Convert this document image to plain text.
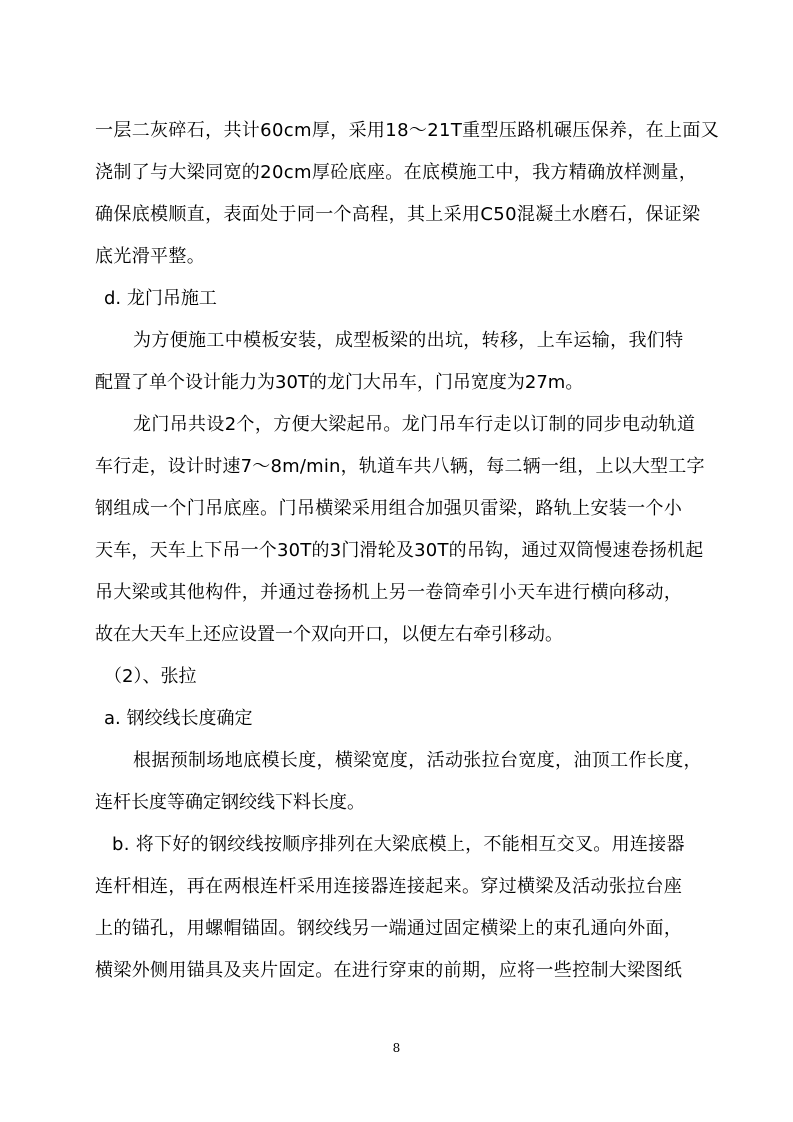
一层二灰碎石，共计60cm厚，采用18～21T重型压路机碾压保养，在上面又
浇制了与大梁同宽的20cm厚砼底座。在底模施工中，我方精确放样测量，
确保底模顺直，表面处于同一个高程，其上采用C50混凝土水磨石，保证梁
底光滑平整。
d. 龙门吊施工
为方便施工中模板安装，成型板梁的出坑，转移，上车运输，我们特
配置了单个设计能力为30T的龙门大吊车，门吊宽度为27m。
龙门吊共设2个，方便大梁起吊。龙门吊车行走以订制的同步电动轨道
车行走，设计时速7～8m/min，轨道车共八辆，每二辆一组，上以大型工字
钢组成一个门吊底座。门吊横梁采用组合加强贝雷梁，路轨上安装一个小
天车，天车上下吊一个30T的3门滑轮及30T的吊钩，通过双筒慢速卷扬机起
吊大梁或其他构件，并通过卷扬机上另一卷筒牵引小天车进行横向移动，
故在大天车上还应设置一个双向开口，以便左右牵引移动。
（2）、张拉
a. 钢绞线长度确定
根据预制场地底模长度，横梁宽度，活动张拉台宽度，油顶工作长度，
连杆长度等确定钢绞线下料长度。
b. 将下好的钢绞线按顺序排列在大梁底模上，不能相互交叉。用连接器
连杆相连，再在两根连杆采用连接器连接起来。穿过横梁及活动张拉台座
上的锚孔，用螺帽锚固。钢绞线另一端通过固定横梁上的束孔通向外面，
横梁外侧用锚具及夹片固定。在进行穿束的前期，应将一些控制大梁图纸
8
